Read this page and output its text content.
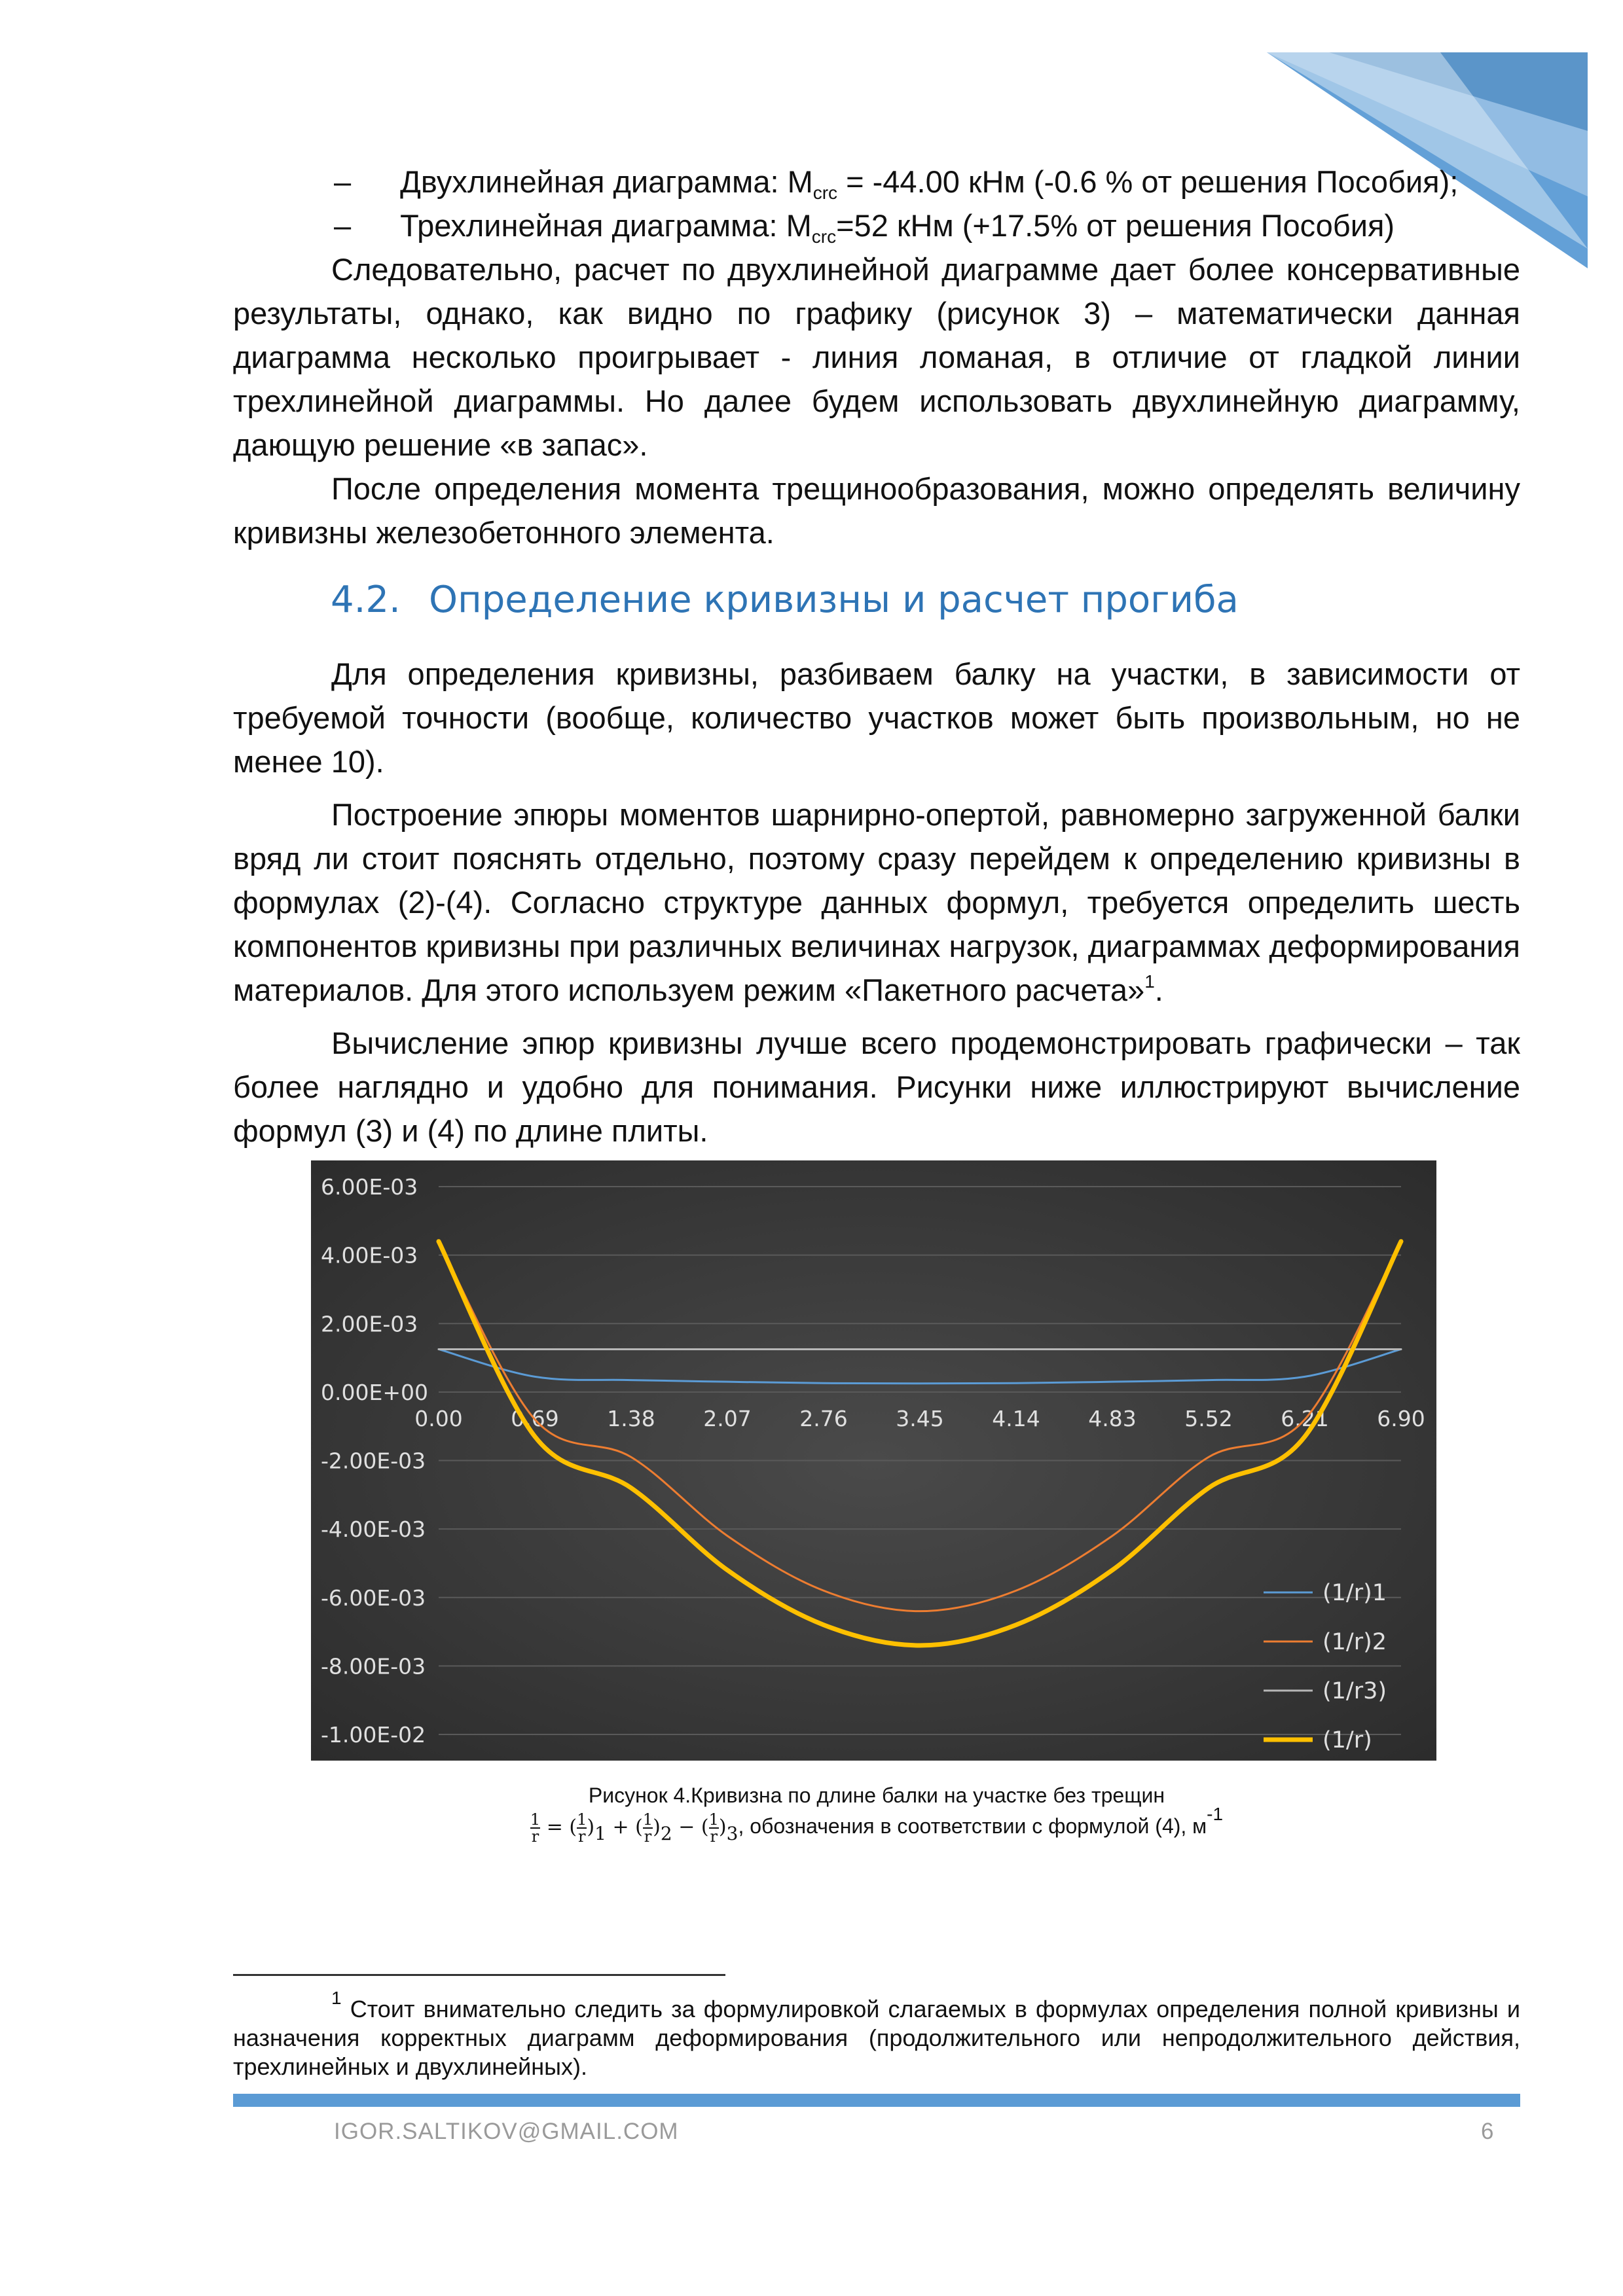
– Двухлинейная диаграмма: $M_{crc} = -44.00$ кНм (-0.6 % от решения Пособия);

– Трехлинейная диаграмма: $M_{crc}=52$ кНм (+17.5% от решения Пособия)

Следовательно, расчет по двухлинейной диаграмме дает более консервативные результаты, однако, как видно по графику (рисунок 3) – математически данная диаграмма несколько проигрывает - линия ломаная, в отличие от гладкой линии трехлинейной диаграммы. Но далее будем использовать двухлинейную диаграмму, дающую решение «в запас».

После определения момента трещинообразования, можно определять величину кривизны железобетонного элемента.

4.2. Определение кривизны и расчет прогиба

Для определения кривизны, разбиваем балку на участки, в зависимости от требуемой точности (вообще, количество участков может быть произвольным, но не менее 10).

Построение эпюры моментов шарнирно-опертой, равномерно загруженной балки вряд ли стоит пояснять отдельно, поэтому сразу перейдем к определению кривизны в формулах (2)-(4). Согласно структуре данных формул, требуется определить шесть компонентов кривизны при различных величинах нагрузок, диаграммах деформирования материалов. Для этого используем режим «Пакетного расчета»$^1$.

Вычисление эпюр кривизны лучше всего продемонстрировать графически – так более наглядно и удобно для понимания. Рисунки ниже иллюстрируют вычисление формул (3) и (4) по длине плиты.

6.00E-03
4.00E-03
2.00E-03
0.00E+00
-2.00E-03
-4.00E-03
-6.00E-03
-8.00E-03
-1.00E-02
0.00 0.69 1.38 2.07 2.76 3.45 4.14 4.83 5.52 6.21 6.90
(1/r)1
(1/r)2
(1/r3)
(1/r)
Рисунок 4.Кривизна по длине балки на участке без трещин
$\frac{1}{r}$ = ( $\frac{1}{r} )_1$ + ( $\frac{1}{r} )_2$ − ( $\frac{1}{r} )_3$, обозначения в соответствии с формулой (4), $м^{-1}$

$^1$ Стоит внимательно следить за формулировкой слагаемых в формулах определения полной кривизны и назначения корректных диаграмм деформирования (продолжительного или непродолжительного действия, трехлинейных и двухлинейных).

IGOR.SALTIKOV@GMAIL.COM	6
